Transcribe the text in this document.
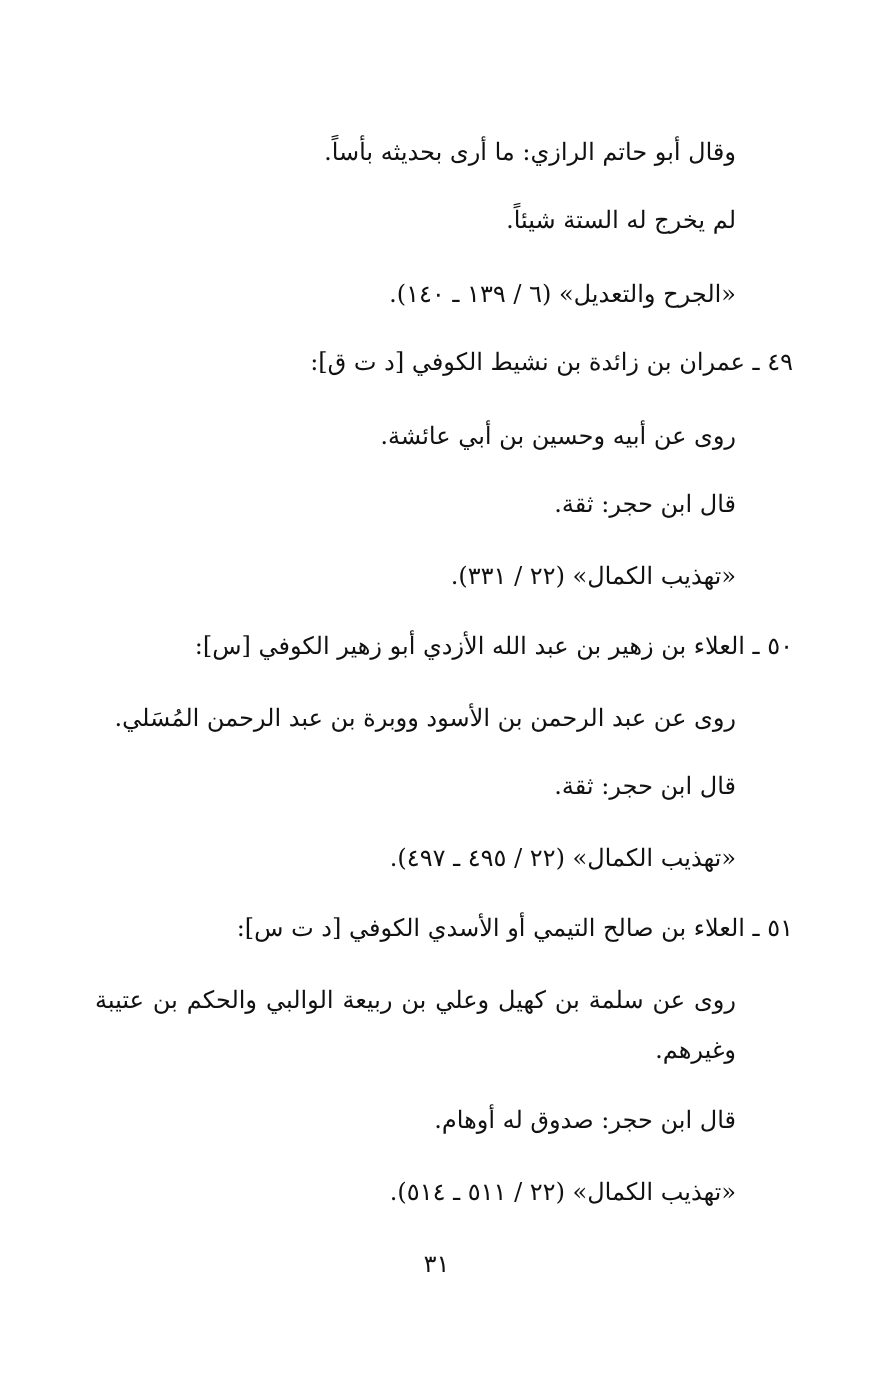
وقال أبو حاتم الرازي: ما أرى بحديثه بأساً.
لم يخرج له الستة شيئاً.
«الجرح والتعديل» (٦ / ١٣٩ ـ ١٤٠).
٤٩ ـ عمران بن زائدة بن نشيط الكوفي [د ت ق]:
روى عن أبيه وحسين بن أبي عائشة.
قال ابن حجر: ثقة.
«تهذيب الكمال» (٢٢ / ٣٣١).
٥٠ ـ العلاء بن زهير بن عبد الله الأزدي أبو زهير الكوفي [س]:
روى عن عبد الرحمن بن الأسود ووبرة بن عبد الرحمن المُسَلي.
قال ابن حجر: ثقة.
«تهذيب الكمال» (٢٢ / ٤٩٥ ـ ٤٩٧).
٥١ ـ العلاء بن صالح التيمي أو الأسدي الكوفي [د ت س]:
روى عن سلمة بن كهيل وعلي بن ربيعة الوالبي والحكم بن عتيبة
وغيرهم.
قال ابن حجر: صدوق له أوهام.
«تهذيب الكمال» (٢٢ / ٥١١ ـ ٥١٤).
٣١
